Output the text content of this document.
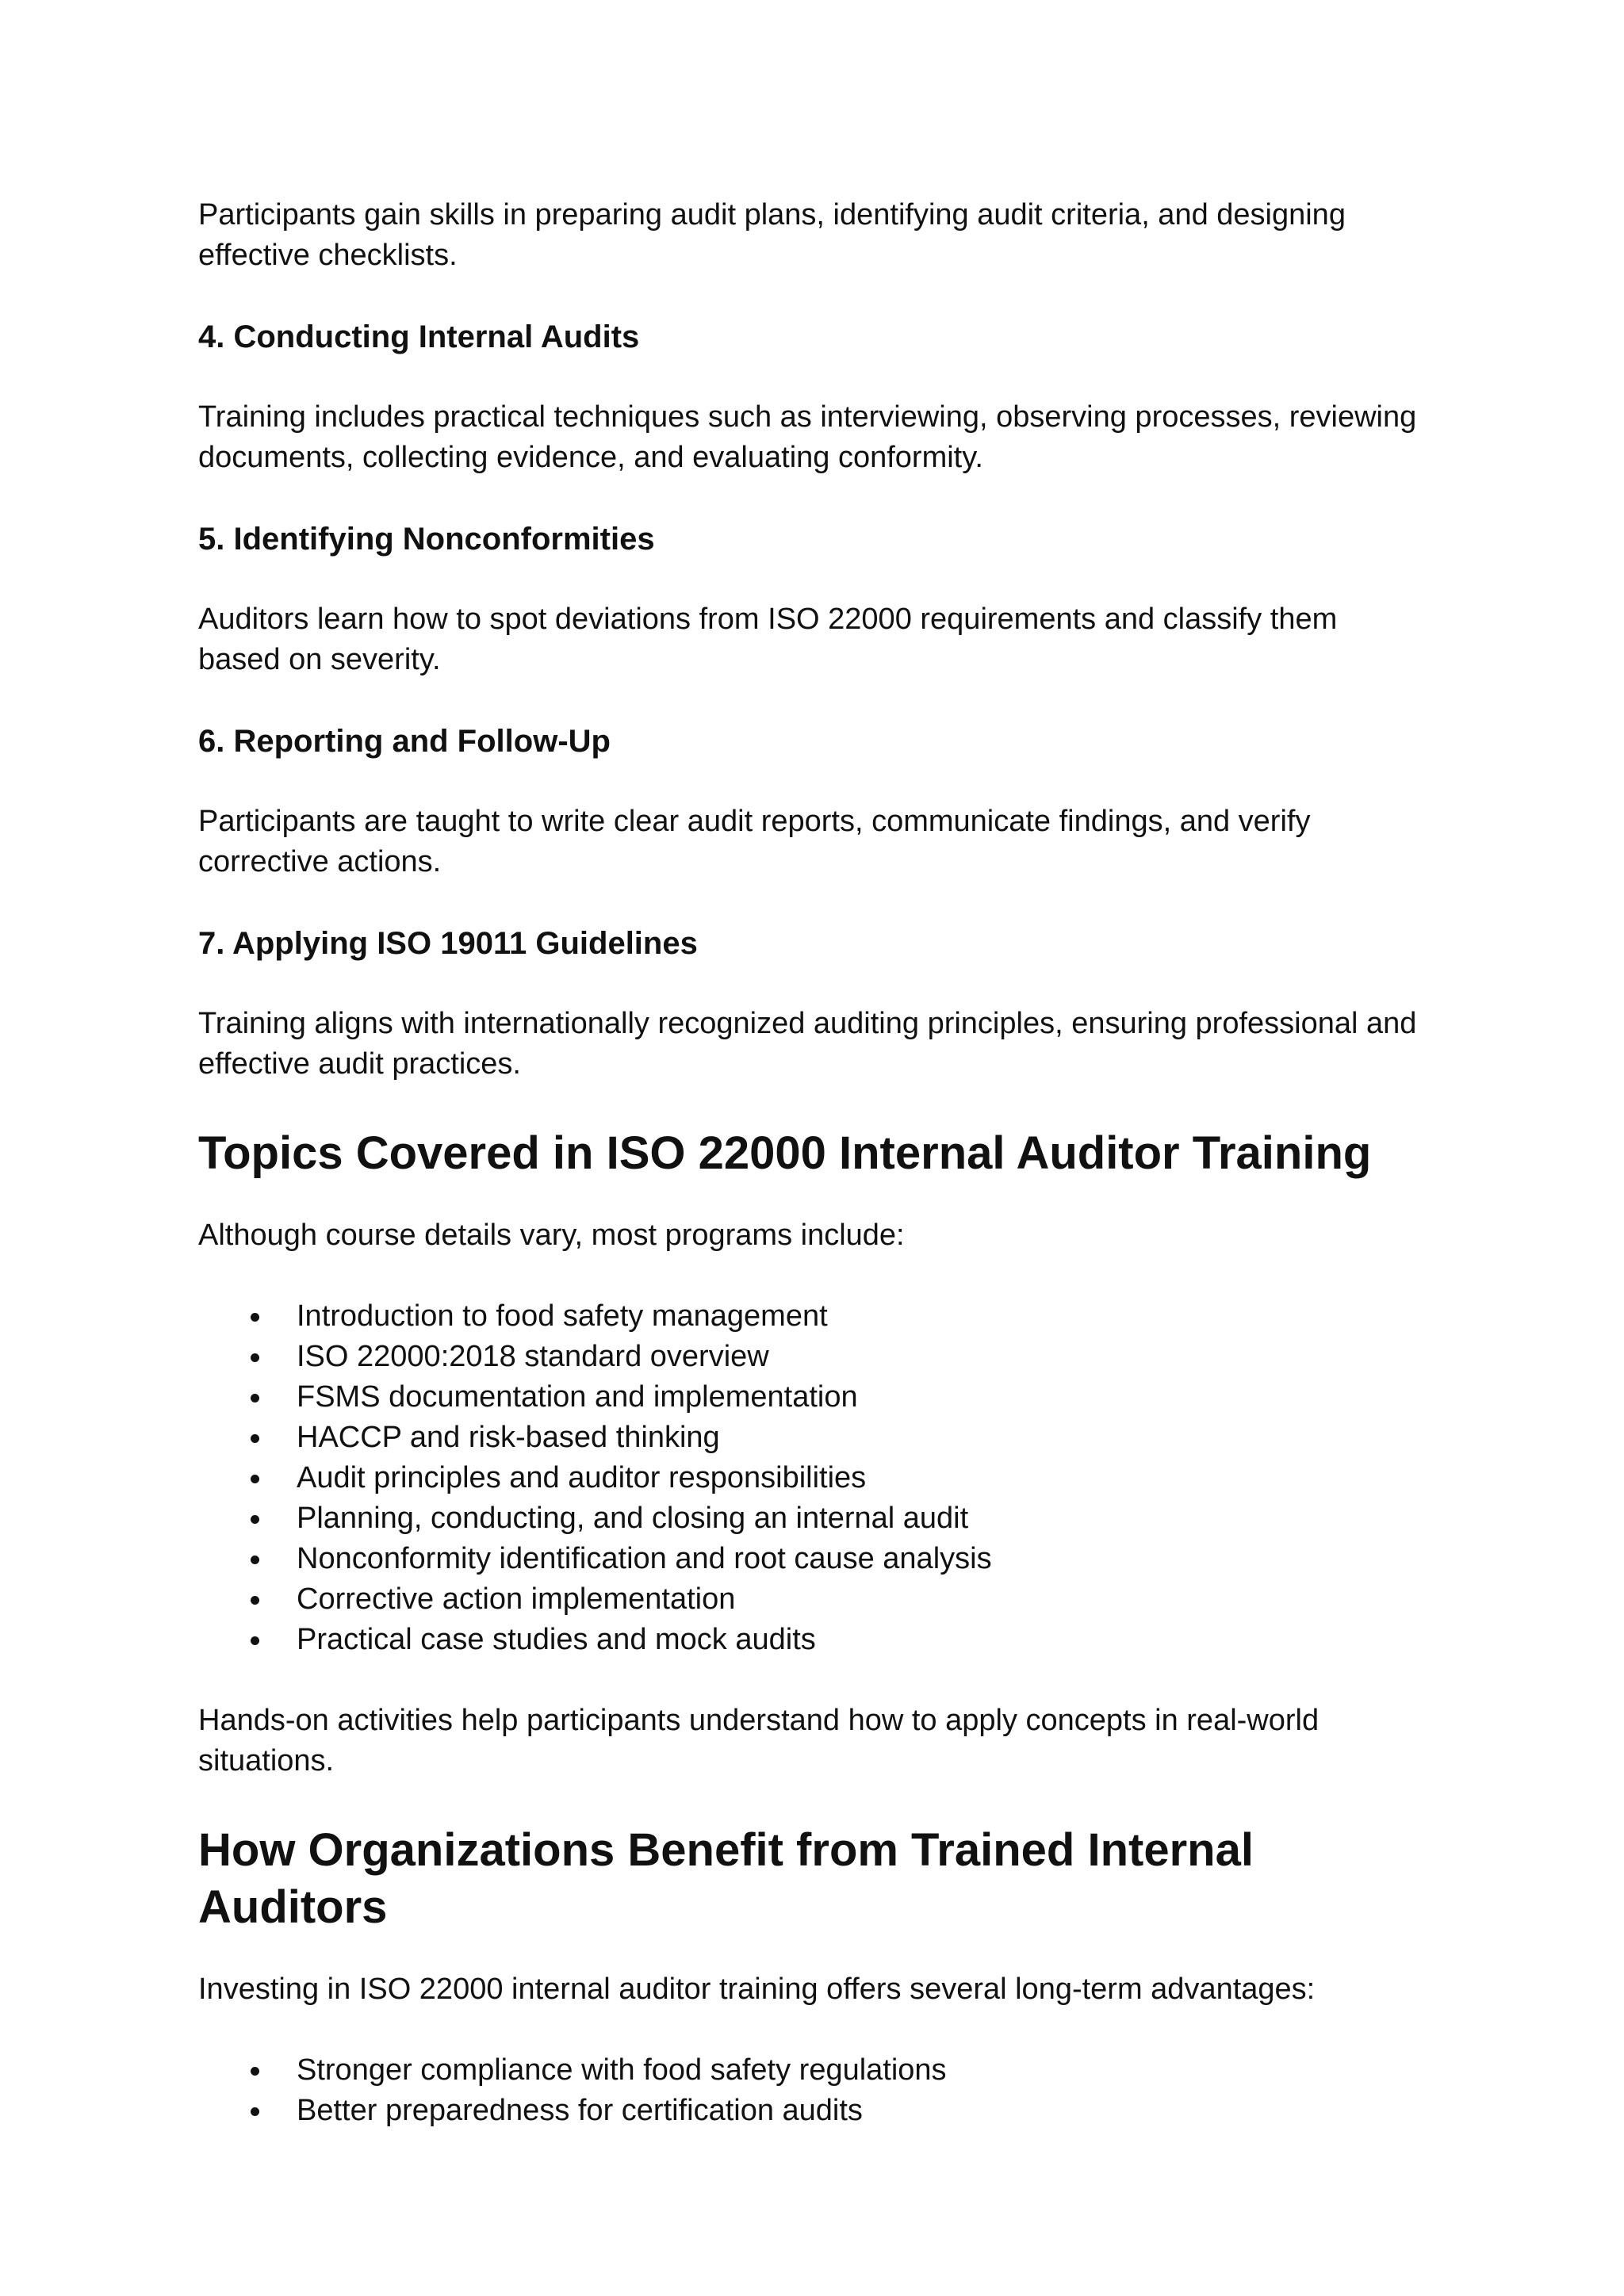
Participants gain skills in preparing audit plans, identifying audit criteria, and designing effective checklists.

4. Conducting Internal Audits

Training includes practical techniques such as interviewing, observing processes, reviewing documents, collecting evidence, and evaluating conformity.

5. Identifying Nonconformities

Auditors learn how to spot deviations from ISO 22000 requirements and classify them based on severity.

6. Reporting and Follow-Up

Participants are taught to write clear audit reports, communicate findings, and verify corrective actions.

7. Applying ISO 19011 Guidelines

Training aligns with internationally recognized auditing principles, ensuring professional and effective audit practices.

Topics Covered in ISO 22000 Internal Auditor Training

Although course details vary, most programs include:

Introduction to food safety management
ISO 22000:2018 standard overview
FSMS documentation and implementation
HACCP and risk-based thinking
Audit principles and auditor responsibilities
Planning, conducting, and closing an internal audit
Nonconformity identification and root cause analysis
Corrective action implementation
Practical case studies and mock audits

Hands-on activities help participants understand how to apply concepts in real-world situations.

How Organizations Benefit from Trained Internal Auditors

Investing in ISO 22000 internal auditor training offers several long-term advantages:

Stronger compliance with food safety regulations
Better preparedness for certification audits
